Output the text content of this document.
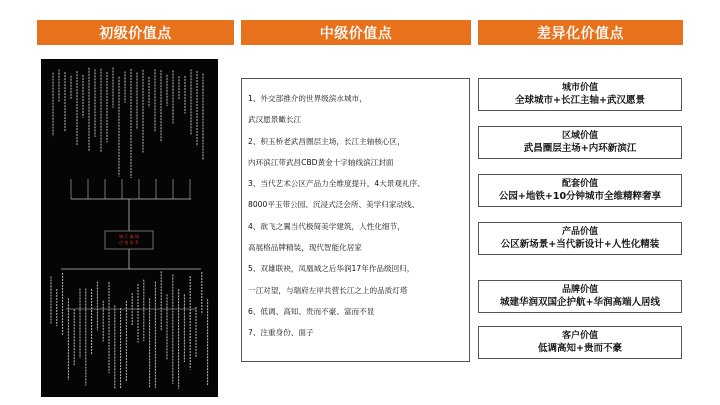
初级价值点	中级价值点	差异化价值点
城 江 城 城
价 值 体 系

1、外交部推介的世界级滨水城市，

武汉愿景瞰长江

2、积玉桥老武昌圈层主场，长江主轴核心区，

内环滨江带武昌CBD黄金十字轴线滨江封面

3、当代艺术公区产品力全维度提升，4大景观礼序、

8000平玉带公园、沉浸式泛会所、美学归家动线、

4、欲飞之翼当代极简美学建筑，人性化细节，

高展格品牌精装，现代智能化居家

5、双雄联袂，凤凰城之后华润17年作品级回归，

一江对望，与瑞府左岸共营长江之上的品质灯塔

6、低调、高知、贵而不豪、富而不显

7、注重身份、面子

城市价值
全球城市+长江主轴+武汉愿景
区域价值
武昌圈层主场+内环新滨江
配套价值
公园+地铁+10分钟城市全维精粹奢享
产品价值
公区新场景+当代新设计+人性化精装
品牌价值
城建华润双国企护航+华润高端人居线
客户价值
低调高知+贵而不豪
